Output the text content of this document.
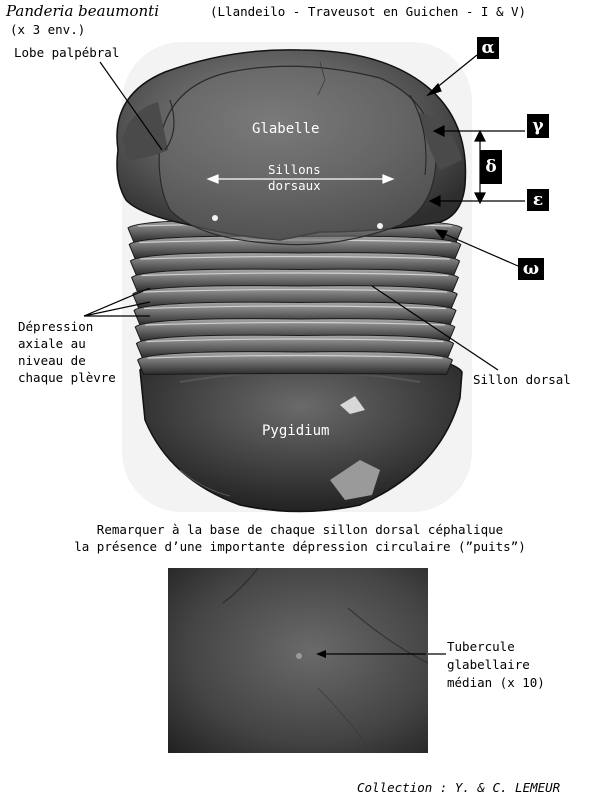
Panderia beaumonti	(Llandeilo - Traveusot en Guichen - I & V)
(x 3 env.)
Lobe palpébral
Glabelle
Sillons
dorsaux
Dépression
axiale au
niveau de
chaque plèvre	Sillon dorsal
Pygidium
α
γ
δ
ε
ω
Remarquer à la base de chaque sillon dorsal céphalique
la présence d’une importante dépression circulaire (”puits”)
Tubercule
glabellaire
médian (x 10)
Collection : Y. & C. LEMEUR
